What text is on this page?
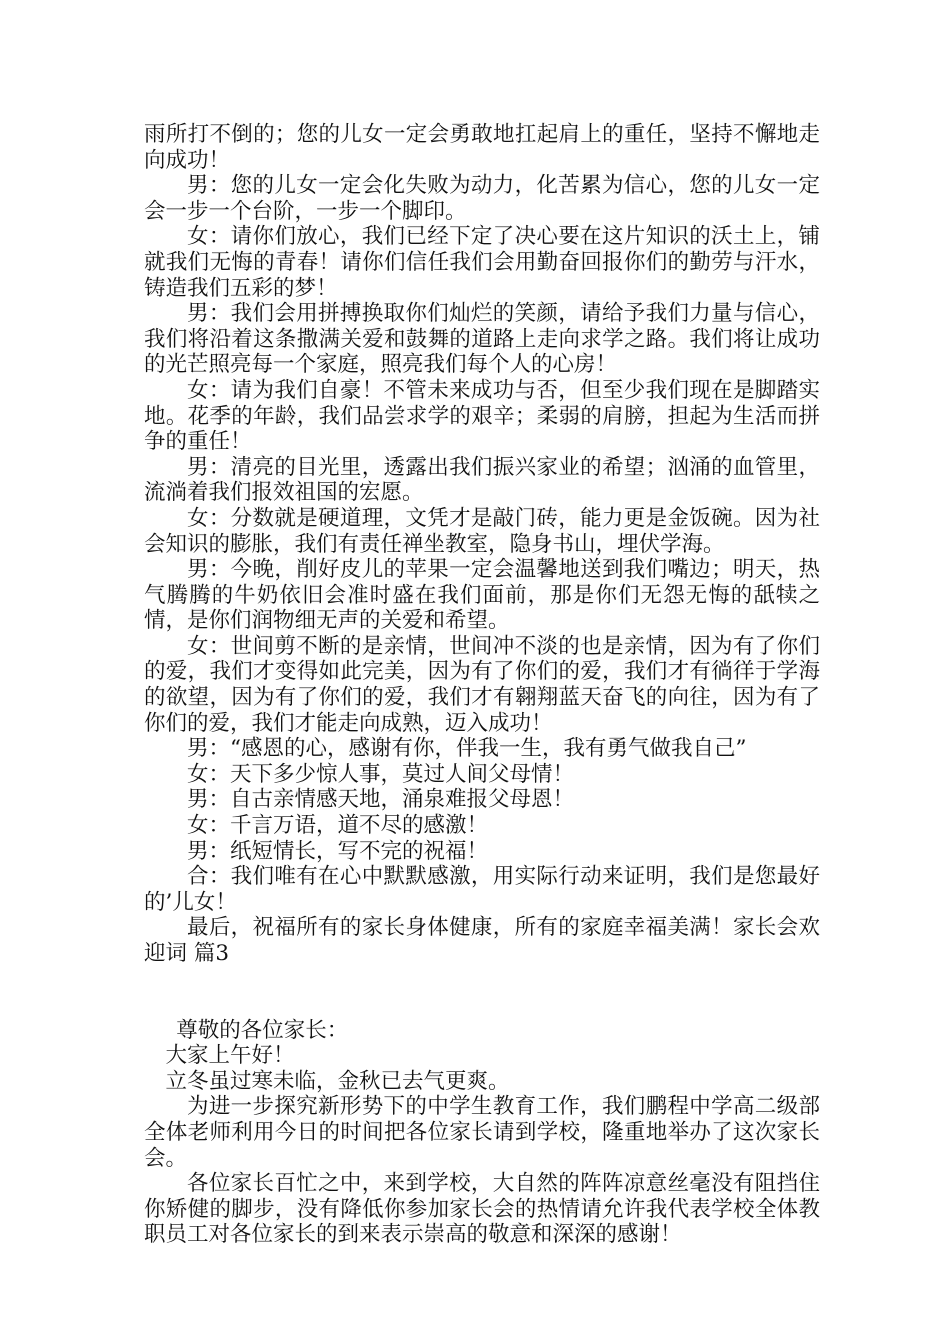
雨所打不倒的；您的儿女一定会勇敢地扛起肩上的重任，坚持不懈地走向成功！

男：您的儿女一定会化失败为动力，化苦累为信心，您的儿女一定会一步一个台阶，一步一个脚印。

女：请你们放心，我们已经下定了决心要在这片知识的沃土上，铺就我们无悔的青春！请你们信任我们会用勤奋回报你们的勤劳与汗水，铸造我们五彩的梦！

男：我们会用拼搏换取你们灿烂的笑颜，请给予我们力量与信心，我们将沿着这条撒满关爱和鼓舞的道路上走向求学之路。我们将让成功的光芒照亮每一个家庭，照亮我们每个人的心房！

女：请为我们自豪！不管未来成功与否，但至少我们现在是脚踏实地。花季的年龄，我们品尝求学的艰辛；柔弱的肩膀，担起为生活而拼争的重任！

男：清亮的目光里，透露出我们振兴家业的希望；汹涌的血管里，流淌着我们报效祖国的宏愿。

女：分数就是硬道理，文凭才是敲门砖，能力更是金饭碗。因为社会知识的膨胀，我们有责任禅坐教室，隐身书山，埋伏学海。

男：今晚，削好皮儿的苹果一定会温馨地送到我们嘴边；明天，热气腾腾的牛奶依旧会准时盛在我们面前，那是你们无怨无悔的舐犊之情，是你们润物细无声的关爱和希望。

女：世间剪不断的是亲情，世间冲不淡的也是亲情，因为有了你们的爱，我们才变得如此完美，因为有了你们的爱，我们才有徜徉于学海的欲望，因为有了你们的爱，我们才有翱翔蓝天奋飞的向往，因为有了你们的爱，我们才能走向成熟，迈入成功！

男：“感恩的心，感谢有你，伴我一生，我有勇气做我自己”

女：天下多少惊人事，莫过人间父母情！

男：自古亲情感天地，涌泉难报父母恩！

女：千言万语，道不尽的感激！

男：纸短情长，写不完的祝福！

合：我们唯有在心中默默感激，用实际行动来证明，我们是您最好的’儿女！

最后，祝福所有的家长身体健康，所有的家庭幸福美满！家长会欢迎词 篇3

尊敬的各位家长：

大家上午好！

立冬虽过寒未临，金秋已去气更爽。

为进一步探究新形势下的中学生教育工作，我们鹏程中学高二级部全体老师利用今日的时间把各位家长请到学校，隆重地举办了这次家长会。

各位家长百忙之中，来到学校，大自然的阵阵凉意丝毫没有阻挡住你矫健的脚步，没有降低你参加家长会的热情请允许我代表学校全体教职员工对各位家长的到来表示崇高的敬意和深深的感谢！
